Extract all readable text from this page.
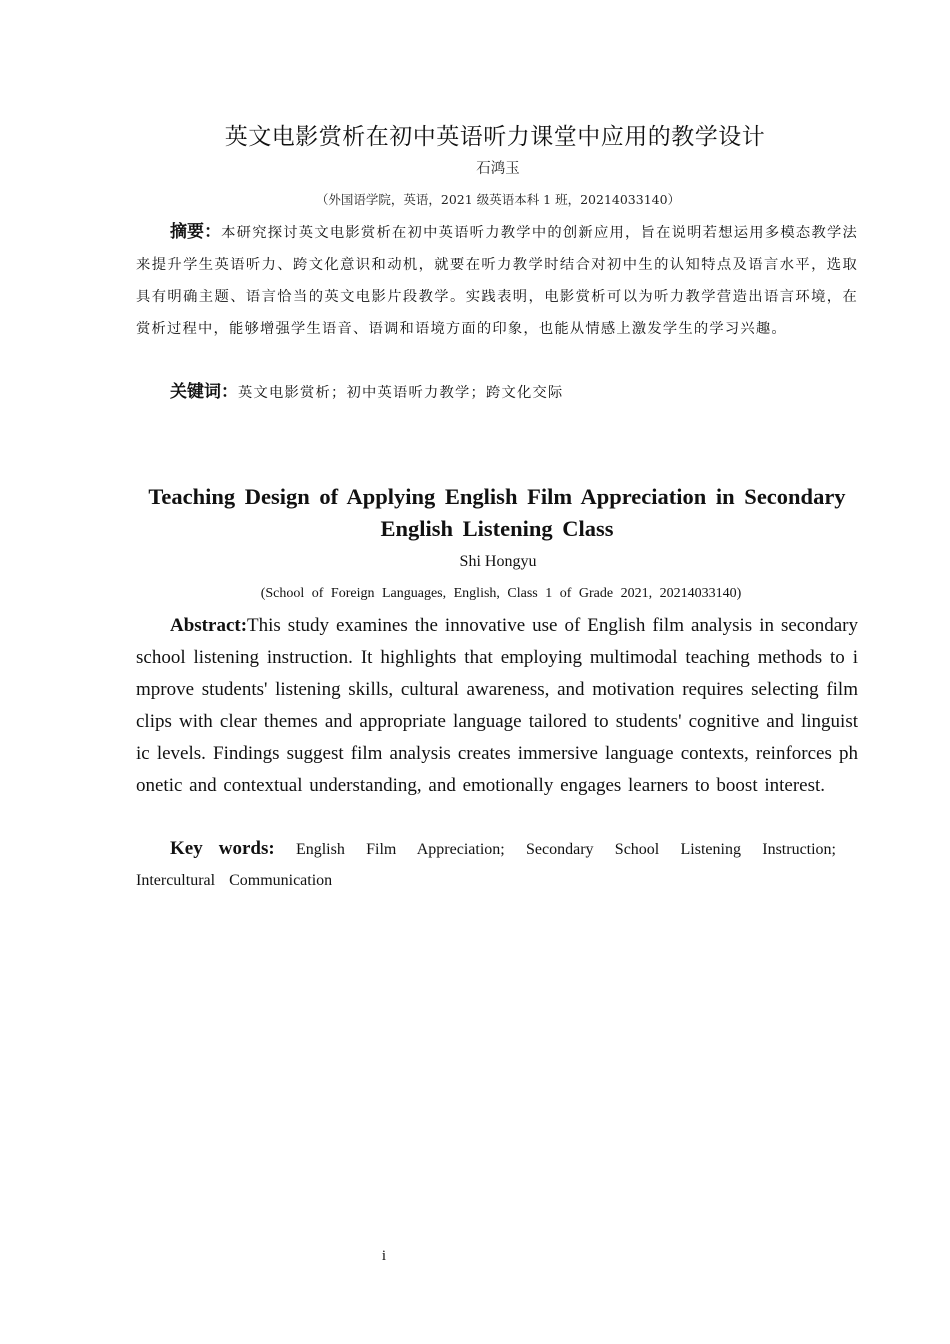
英文电影赏析在初中英语听力课堂中应用的教学设计
石鸿玉
（外国语学院，英语，2021 级英语本科 1 班，20214033140）

摘要：本研究探讨英文电影赏析在初中英语听力教学中的创新应用，旨在说明若想运用多模态教学法来提升学生英语听力、跨文化意识和动机，就要在听力教学时结合对初中生的认知特点及语言水平，选取具有明确主题、语言恰当的英文电影片段教学。实践表明，电影赏析可以为听力教学营造出语言环境，在赏析过程中，能够增强学生语音、语调和语境方面的印象，也能从情感上激发学生的学习兴趣。

关键词：英文电影赏析；初中英语听力教学；跨文化交际

Teaching Design of Applying English Film Appreciation in Secondary English Listening Class
Shi Hongyu
(School of Foreign Languages, English, Class 1 of Grade 2021, 20214033140)

Abstract:This study examines the innovative use of English film analysis in secondary school listening instruction. It highlights that employing multimodal teaching methods to improve students' listening skills, cultural awareness, and motivation requires selecting film clips with clear themes and appropriate language tailored to students' cognitive and linguistic levels. Findings suggest film analysis creates immersive language contexts, reinforces phonetic and contextual understanding, and emotionally engages learners to boost interest.

Key words: English Film Appreciation; Secondary School Listening Instruction; Intercultural Communication

i
